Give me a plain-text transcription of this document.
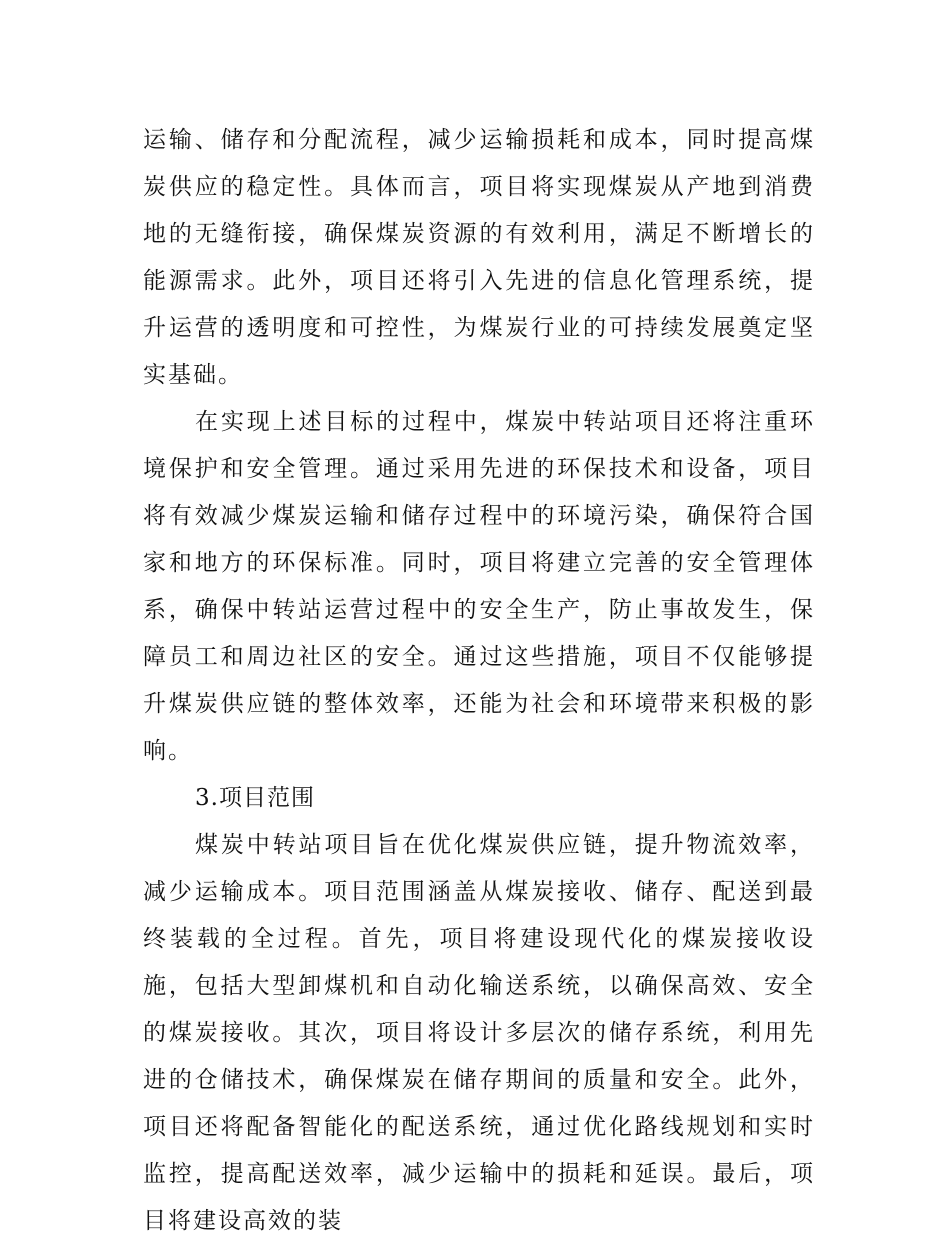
运输、储存和分配流程，减少运输损耗和成本，同时提高煤炭供应的稳定性。具体而言，项目将实现煤炭从产地到消费地的无缝衔接，确保煤炭资源的有效利用，满足不断增长的能源需求。此外，项目还将引入先进的信息化管理系统，提升运营的透明度和可控性，为煤炭行业的可持续发展奠定坚实基础。

在实现上述目标的过程中，煤炭中转站项目还将注重环境保护和安全管理。通过采用先进的环保技术和设备，项目将有效减少煤炭运输和储存过程中的环境污染，确保符合国家和地方的环保标准。同时，项目将建立完善的安全管理体系，确保中转站运营过程中的安全生产，防止事故发生，保障员工和周边社区的安全。通过这些措施，项目不仅能够提升煤炭供应链的整体效率，还能为社会和环境带来积极的影响。

3.项目范围

煤炭中转站项目旨在优化煤炭供应链，提升物流效率，减少运输成本。项目范围涵盖从煤炭接收、储存、配送到最终装载的全过程。首先，项目将建设现代化的煤炭接收设施，包括大型卸煤机和自动化输送系统，以确保高效、安全的煤炭接收。其次，项目将设计多层次的储存系统，利用先进的仓储技术，确保煤炭在储存期间的质量和安全。此外，项目还将配备智能化的配送系统，通过优化路线规划和实时监控，提高配送效率，减少运输中的损耗和延误。最后，项目将建设高效的装
